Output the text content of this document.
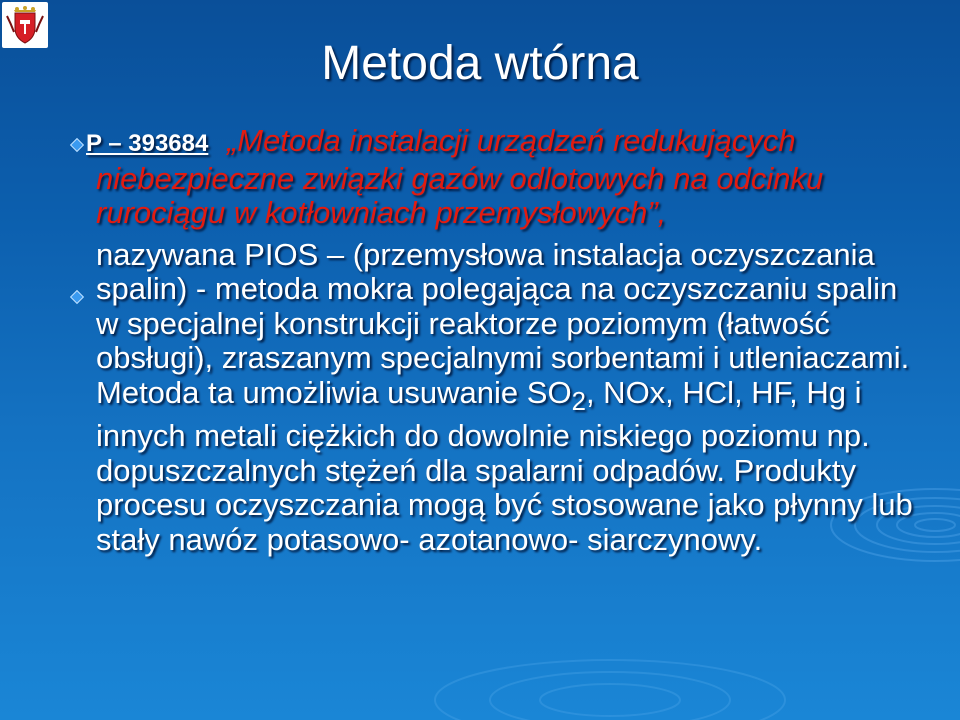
Metoda wtórna

P – 393684 „Metoda instalacji urządzeń redukujących niebezpieczne związki gazów odlotowych na odcinku rurociągu w kotłowniach przemysłowych”,

nazywana PIOS – (przemysłowa instalacja oczyszczania spalin) - metoda mokra polegająca na oczyszczaniu spalin w specjalnej konstrukcji reaktorze poziomym (łatwość obsługi), zraszanym specjalnymi sorbentami i utleniaczami. Metoda ta umożliwia usuwanie $SO_2$, NOx, HCl, HF, Hg i innych metali ciężkich do dowolnie niskiego poziomu np. dopuszczalnych stężeń dla spalarni odpadów. Produkty procesu oczyszczania mogą być stosowane jako płynny lub stały nawóz potasowo- azotanowo- siarczynowy.
